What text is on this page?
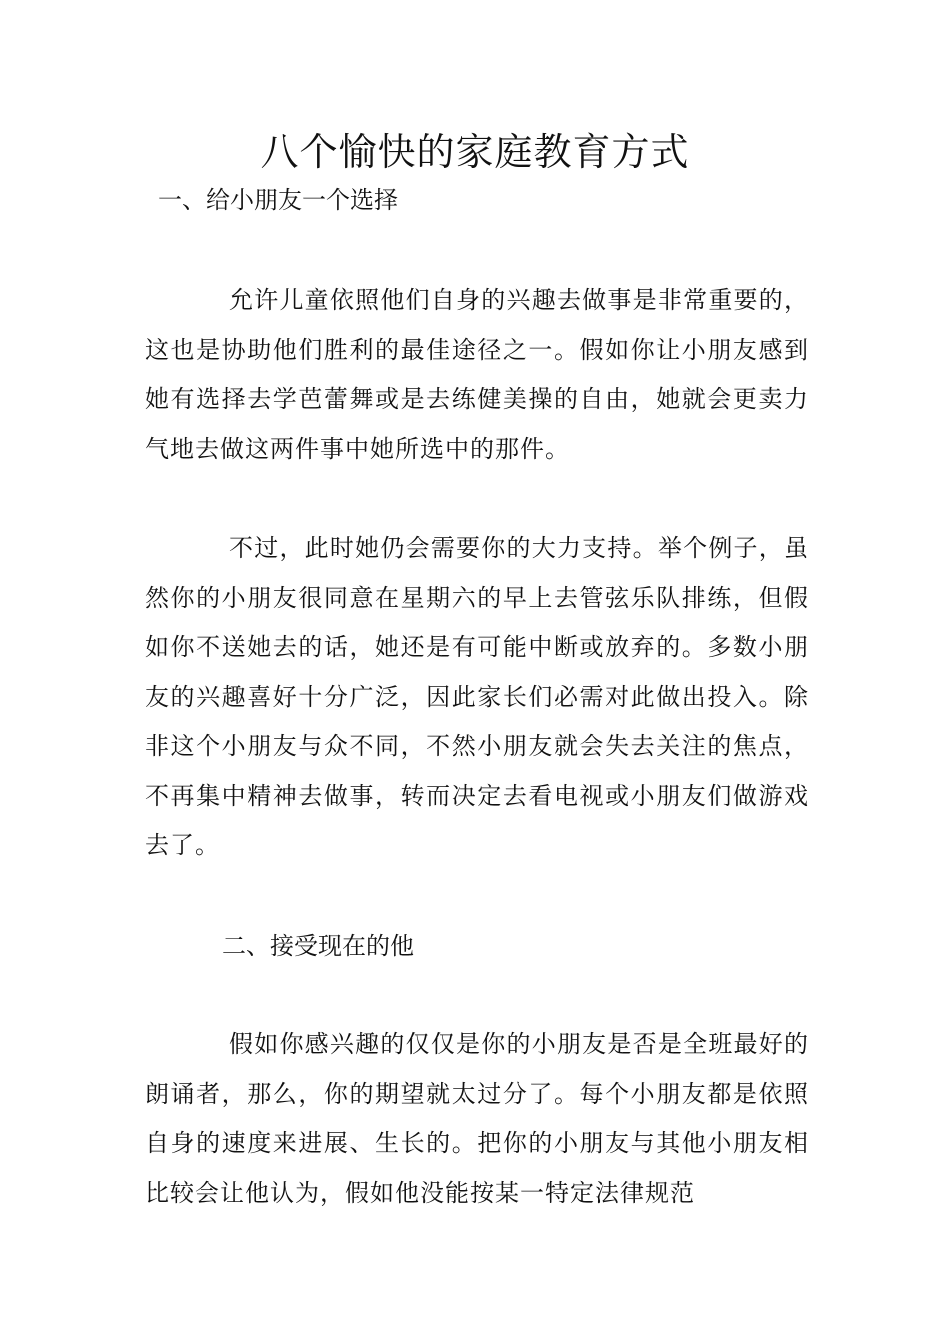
八个愉快的家庭教育方式

一、给小朋友一个选择

允许儿童依照他们自身的兴趣去做事是非常重要的，这也是协助他们胜利的最佳途径之一。假如你让小朋友感到她有选择去学芭蕾舞或是去练健美操的自由，她就会更卖力气地去做这两件事中她所选中的那件。

不过，此时她仍会需要你的大力支持。举个例子，虽然你的小朋友很同意在星期六的早上去管弦乐队排练，但假如你不送她去的话，她还是有可能中断或放弃的。多数小朋友的兴趣喜好十分广泛，因此家长们必需对此做出投入。除非这个小朋友与众不同，不然小朋友就会失去关注的焦点，不再集中精神去做事，转而决定去看电视或小朋友们做游戏去了。

二、接受现在的他

假如你感兴趣的仅仅是你的小朋友是否是全班最好的朗诵者，那么，你的期望就太过分了。每个小朋友都是依照自身的速度来进展、生长的。把你的小朋友与其他小朋友相比较会让他认为，假如他没能按某一特定法律规范
